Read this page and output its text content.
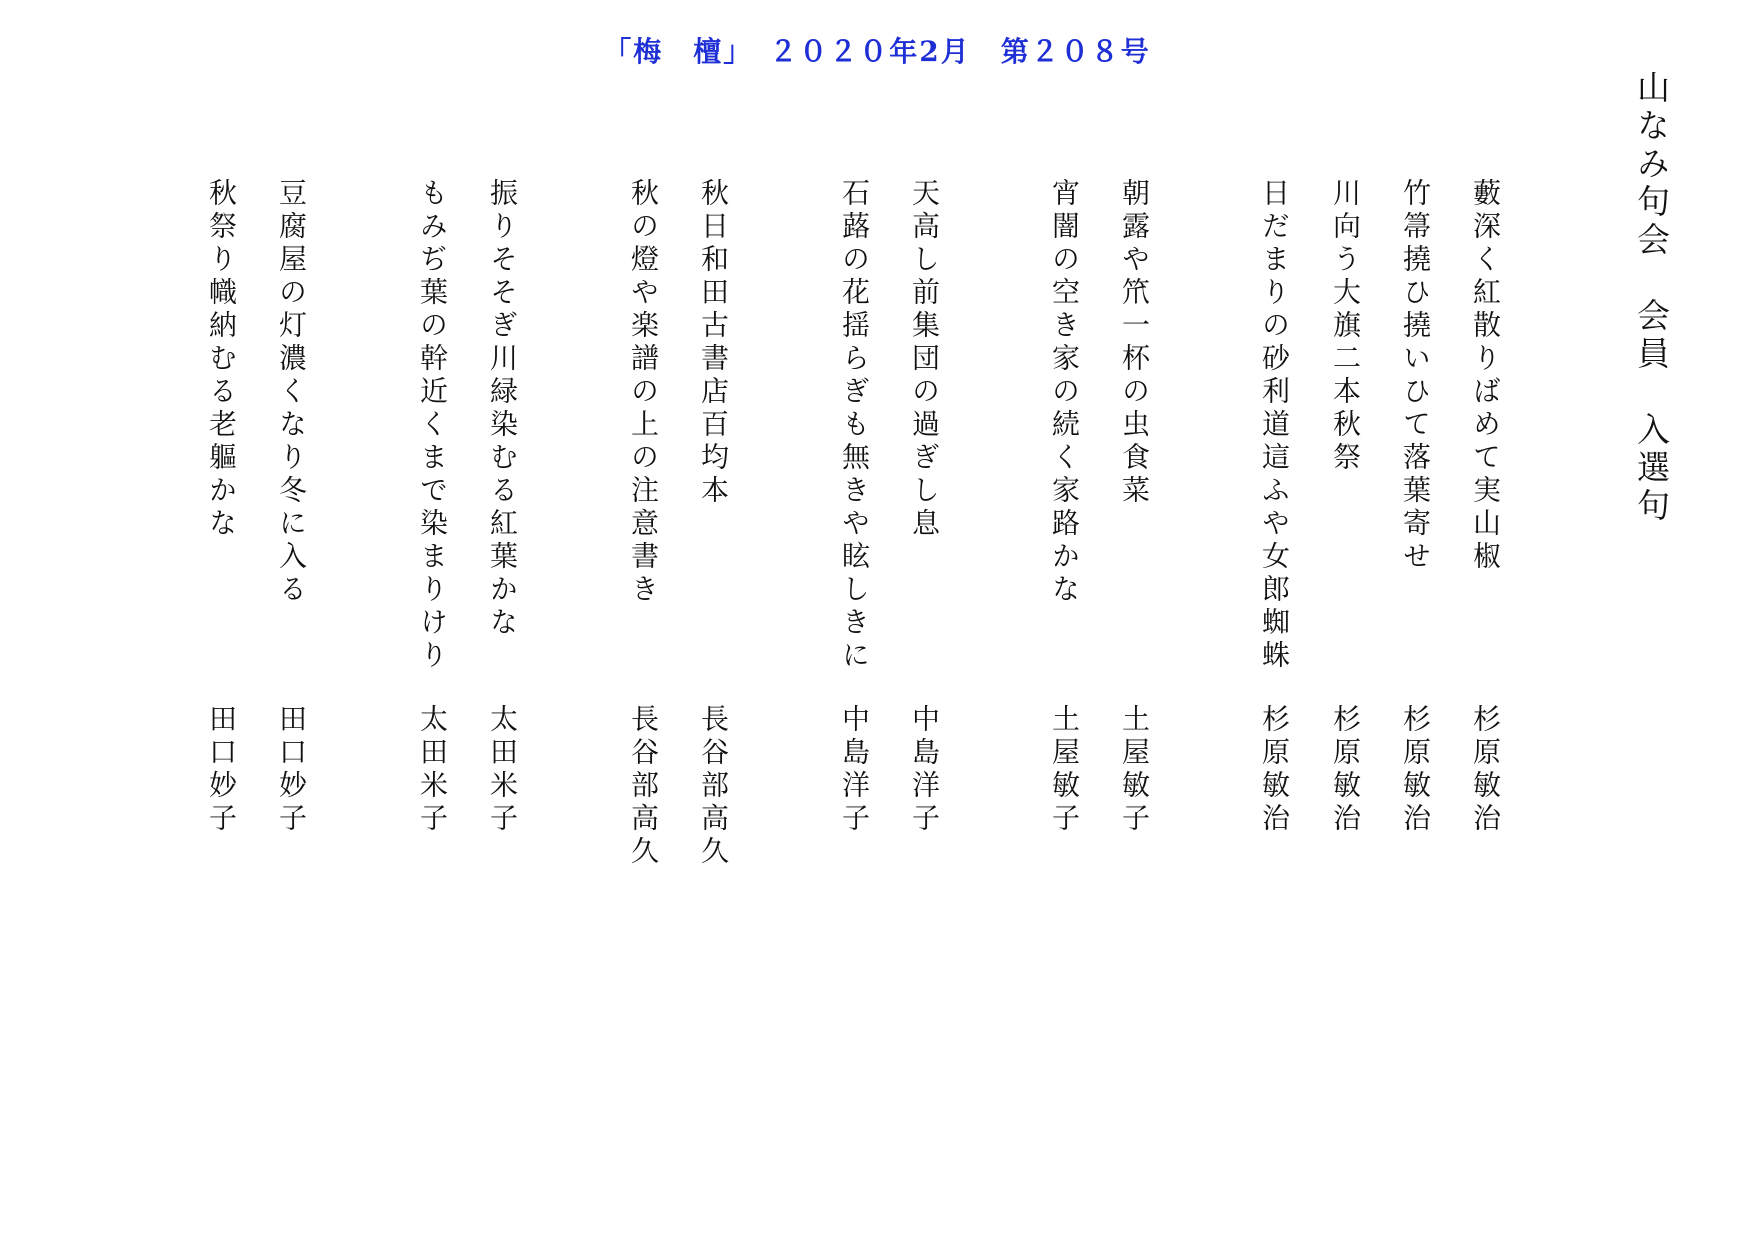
「梅　檀」　２０２０年2月　第２０８号
山なみ句会　会員　入選句
藪深く紅散りばめて実山椒
杉原敏治
竹箒撓ひ撓いひて落葉寄せ
杉原敏治
川向う大旗二本秋祭
杉原敏治
日だまりの砂利道這ふや女郎蜘蛛
杉原敏治
朝露や笊一杯の虫食菜
土屋敏子
宵闇の空き家の続く家路かな
土屋敏子
天高し前集団の過ぎし息
中島洋子
石蕗の花揺らぎも無きや眩しきに
中島洋子
秋日和田古書店百均本
長谷部高久
秋の燈や楽譜の上の注意書き
長谷部高久
振りそそぎ川緑染むる紅葉かな
太田米子
もみぢ葉の幹近くまで染まりけり
太田米子
豆腐屋の灯濃くなり冬に入る
田口妙子
秋祭り幟納むる老軀かな
田口妙子
